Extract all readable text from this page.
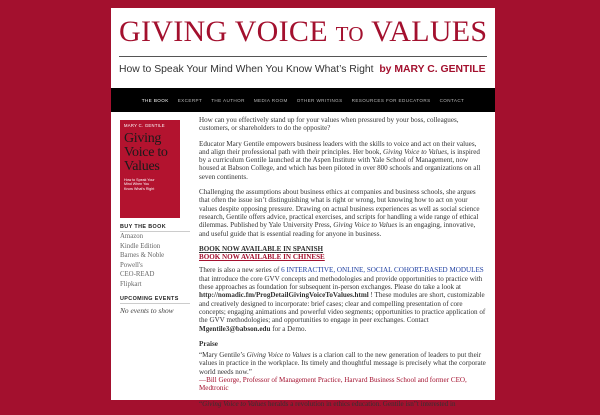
GIVING VOICE TO VALUES
How to Speak Your Mind When You Know What’s Right by MARY C. GENTILE
THE BOOK EXCERPT THE AUTHOR MEDIA ROOM OTHER WRITINGS RESOURCES FOR EDUCATORS CONTACT
MARY C. GENTILE
Giving
Voice to
Values
How to Speak Your
Mind When You
Know What’s Right
BUY THE BOOK
Amazon
Kindle Edition
Barnes & Noble
Powell's
CEO-READ
Flipkart
UPCOMING EVENTS
No events to show

How can you effectively stand up for your values when pressured by your boss, colleagues, customers, or shareholders to do the opposite?

Educator Mary Gentile empowers business leaders with the skills to voice and act on their values, and align their professional path with their principles. Her book, Giving Voice to Values, is inspired by a curriculum Gentile launched at the Aspen Institute with Yale School of Management, now housed at Babson College, and which has been piloted in over 800 schools and organizations on all seven continents.

Challenging the assumptions about business ethics at companies and business schools, she argues that often the issue isn’t distinguishing what is right or wrong, but knowing how to act on your values despite opposing pressure. Drawing on actual business experiences as well as social science research, Gentile offers advice, practical exercises, and scripts for handling a wide range of ethical dilemmas. Published by Yale University Press, Giving Voice to Values is an engaging, innovative, and useful guide that is essential reading for anyone in business.

BOOK NOW AVAILABLE IN SPANISH

BOOK NOW AVAILABLE IN CHINESE

There is also a new series of 6 INTERACTIVE, ONLINE, SOCIAL COHORT-BASED MODULES that introduce the core GVV concepts and methodologies and provide opportunities to practice with these approaches as foundation for subsequent in-person exchanges. Please do take a look at http://nomadic.fm/ProgDetailGivingVoiceToValues.html ! These modules are short, customizable and creatively designed to incorporate: brief cases; clear and compelling presentation of core concepts; engaging animations and powerful video segments; opportunities to practice application of the GVV methodologies; and opportunities to engage in peer exchanges. Contact Mgentile3@babson.edu for a Demo.

Praise

“Mary Gentile’s Giving Voice to Values is a clarion call to the new generation of leaders to put their values in practice in the workplace. Its timely and thoughtful message is precisely what the corporate world needs now.”
—Bill George, Professor of Management Practice, Harvard Business School and former CEO, Medtronic

“Giving Voice to Values heralds a revolution in ethics education. Gentile isn”t interested in
